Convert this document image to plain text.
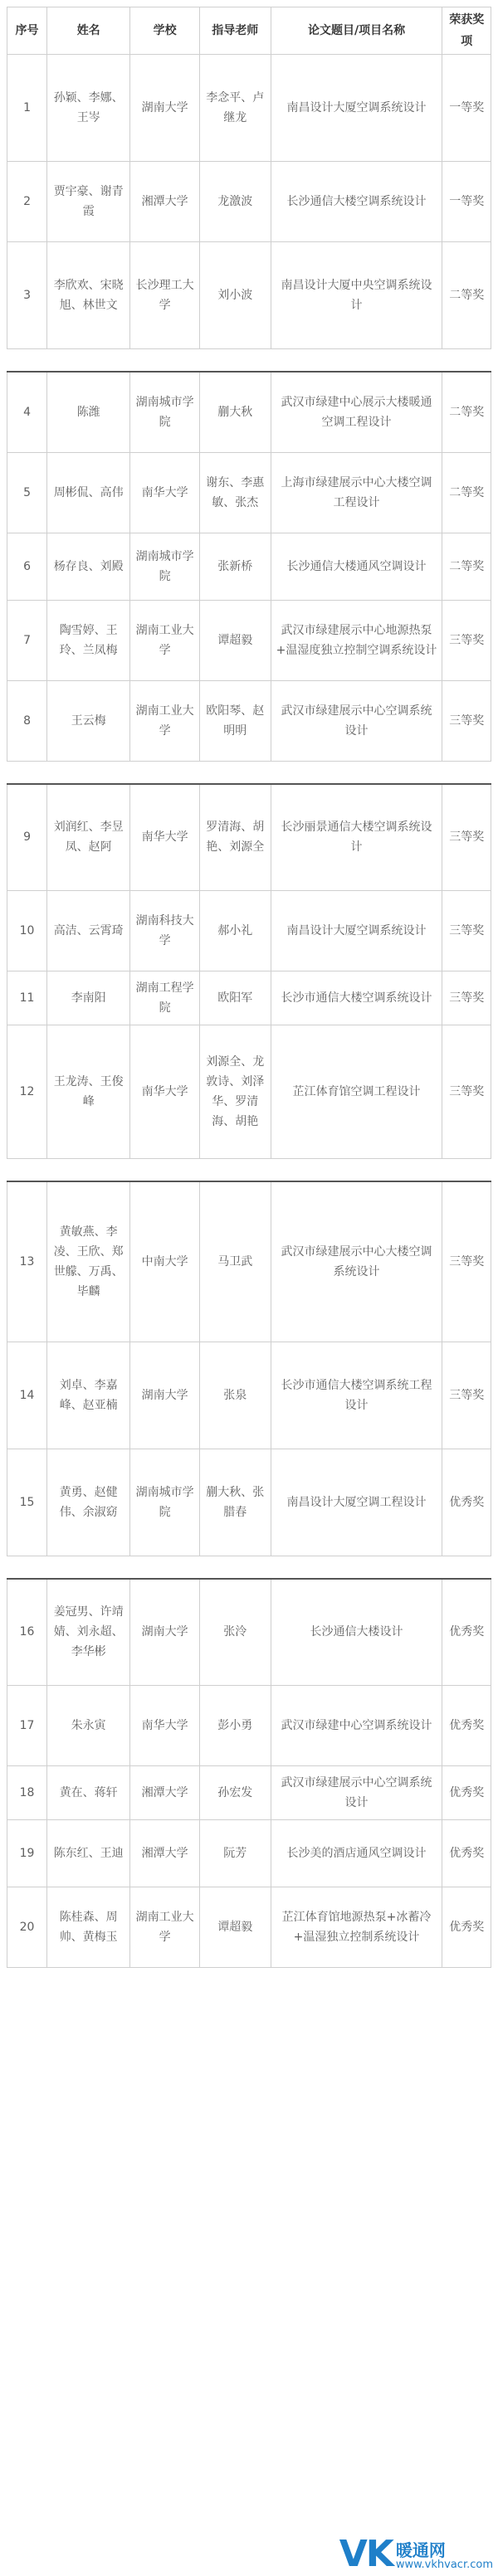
序号	姓名	学校	指导老师	论文题目/项目名称	荣获奖项
1	孙颖、李娜、王岑	湖南大学	李念平、卢继龙	南昌设计大厦空调系统设计	一等奖
2	贾宇豪、谢青霞	湘潭大学	龙激波	长沙通信大楼空调系统设计	一等奖
3	李欣欢、宋晓旭、林世文	长沙理工大学	刘小波	南昌设计大厦中央空调系统设计	二等奖

4	陈潍	湖南城市学院	蒯大秋	武汉市绿建中心展示大楼暖通空调工程设计	二等奖
5	周彬侃、高伟	南华大学	谢东、李惠敏、张杰	上海市绿建展示中心大楼空调工程设计	二等奖
6	杨存良、刘殿	湖南城市学院	张新桥	长沙通信大楼通风空调设计	二等奖
7	陶雪婷、王玲、兰凤梅	湖南工业大学	谭超毅	武汉市绿建展示中心地源热泵+温湿度独立控制空调系统设计	三等奖
8	王云梅	湖南工业大学	欧阳琴、赵明明	武汉市绿建展示中心空调系统设计	三等奖

9	刘润红、李昱凤、赵阿	南华大学	罗清海、胡艳、刘源全	长沙丽景通信大楼空调系统设计	三等奖
10	高洁、云霄琦	湖南科技大学	郝小礼	南昌设计大厦空调系统设计	三等奖
11	李南阳	湖南工程学院	欧阳军	长沙市通信大楼空调系统设计	三等奖
12	王龙涛、王俊峰	南华大学	刘源全、龙敦诗、刘泽华、罗清海、胡艳	芷江体育馆空调工程设计	三等奖

13	黄敏燕、李凌、王欣、郑世艨、万禹、毕麟	中南大学	马卫武	武汉市绿建展示中心大楼空调系统设计	三等奖
14	刘卓、李嘉峰、赵亚楠	湖南大学	张泉	长沙市通信大楼空调系统工程设计	三等奖
15	黄勇、赵健伟、余淑窈	湖南城市学院	蒯大秋、张腊春	南昌设计大厦空调工程设计	优秀奖

16	姜冠男、许靖婧、刘永超、李华彬	湖南大学	张泠	长沙通信大楼设计	优秀奖
17	朱永寅	南华大学	彭小勇	武汉市绿建中心空调系统设计	优秀奖
18	黄在、蒋轩	湘潭大学	孙宏发	武汉市绿建展示中心空调系统设计	优秀奖
19	陈东红、王迪	湘潭大学	阮芳	长沙美的酒店通风空调设计	优秀奖
20	陈桂森、周帅、黄梅玉	湖南工业大学	谭超毅	芷江体育馆地源热泵+冰蓄冷+温湿独立控制系统设计	优秀奖
VK 暖通网
www.vkhvacr.com
